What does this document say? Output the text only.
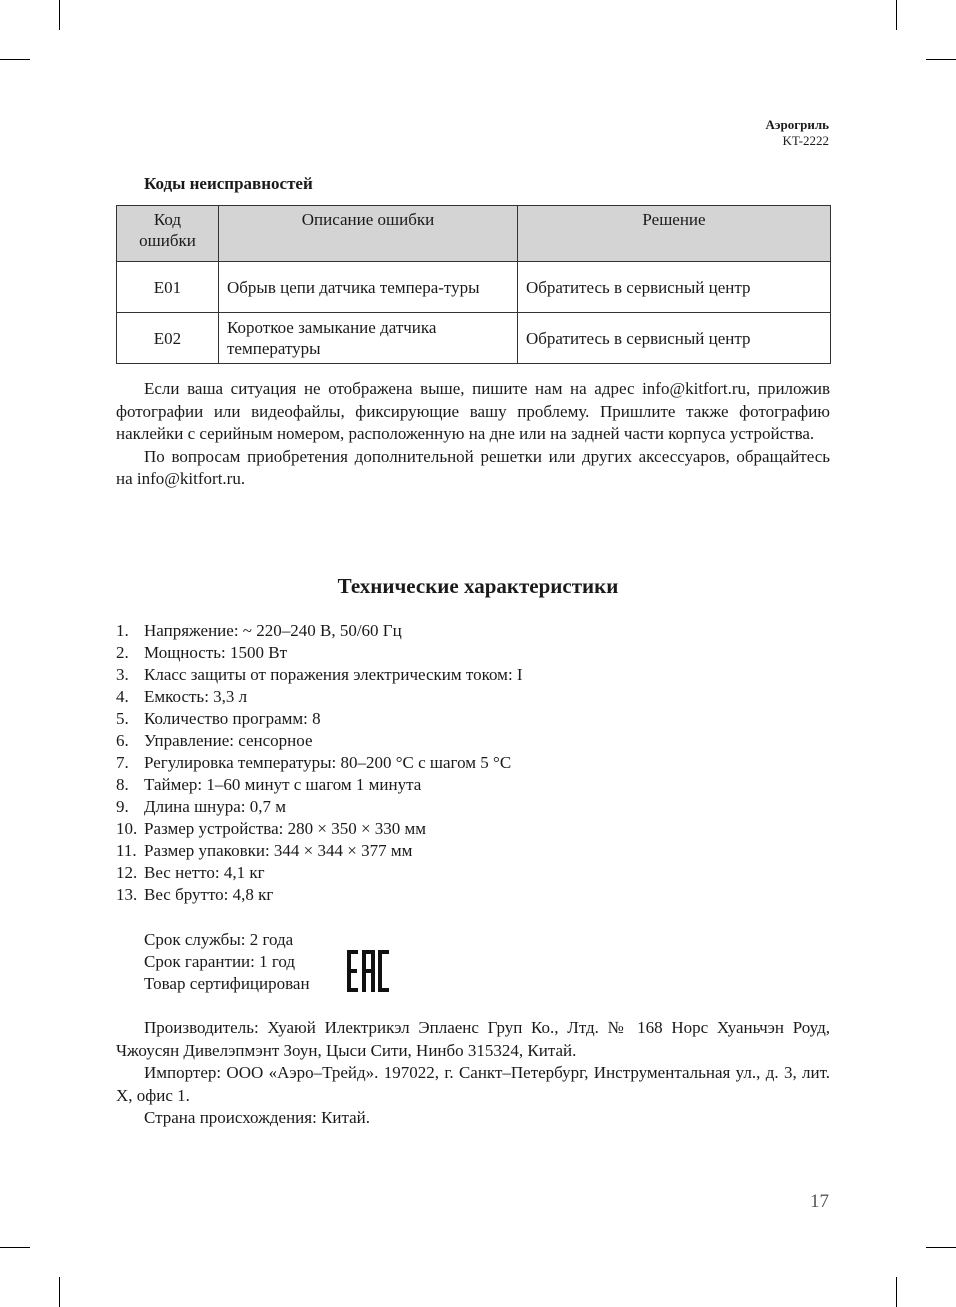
Аэрогриль
KT-2222
Коды неисправностей
Код ошибки	Описание ошибки	Решение
E01	Обрыв цепи датчика темпера-туры	Обратитесь в сервисный центр
E02	Короткое замыкание датчика температуры	Обратитесь в сервисный центр

Если ваша ситуация не отображена выше, пишите нам на адрес info@kitfort.ru, приложив фотографии или видеофайлы, фиксирующие вашу проблему. Пришлите также фотографию наклейки с серийным номером, расположенную на дне или на задней части корпуса устройства.

По вопросам приобретения дополнительной решетки или других аксессуаров, обращайтесь на info@kitfort.ru.

Технические характеристики
1. Напряжение: ~ 220–240 В, 50/60 Гц
2. Мощность: 1500 Вт
3. Класс защиты от поражения электрическим током: I
4. Емкость: 3,3 л
5. Количество программ: 8
6. Управление: сенсорное
7. Регулировка температуры: 80–200 °С с шагом 5 °С
8. Таймер: 1–60 минут с шагом 1 минута
9. Длина шнура: 0,7 м
10. Размер устройства: 280 × 350 × 330 мм
11. Размер упаковки: 344 × 344 × 377 мм
12. Вес нетто: 4,1 кг
13. Вес брутто: 4,8 кг
Срок службы: 2 года
Срок гарантии: 1 год
Товар сертифицирован

Производитель: Хуаюй Илектрикэл Эплаенс Груп Ко., Лтд. № 168 Норс Хуаньчэн Роуд, Чжоусян Дивелэпмэнт Зоун, Цыси Сити, Нинбо 315324, Китай.

Импортер: ООО «Аэро–Трейд». 197022, г. Санкт–Петербург, Инструментальная ул., д. 3, лит. Х, офис 1.

Страна происхождения: Китай.

17
